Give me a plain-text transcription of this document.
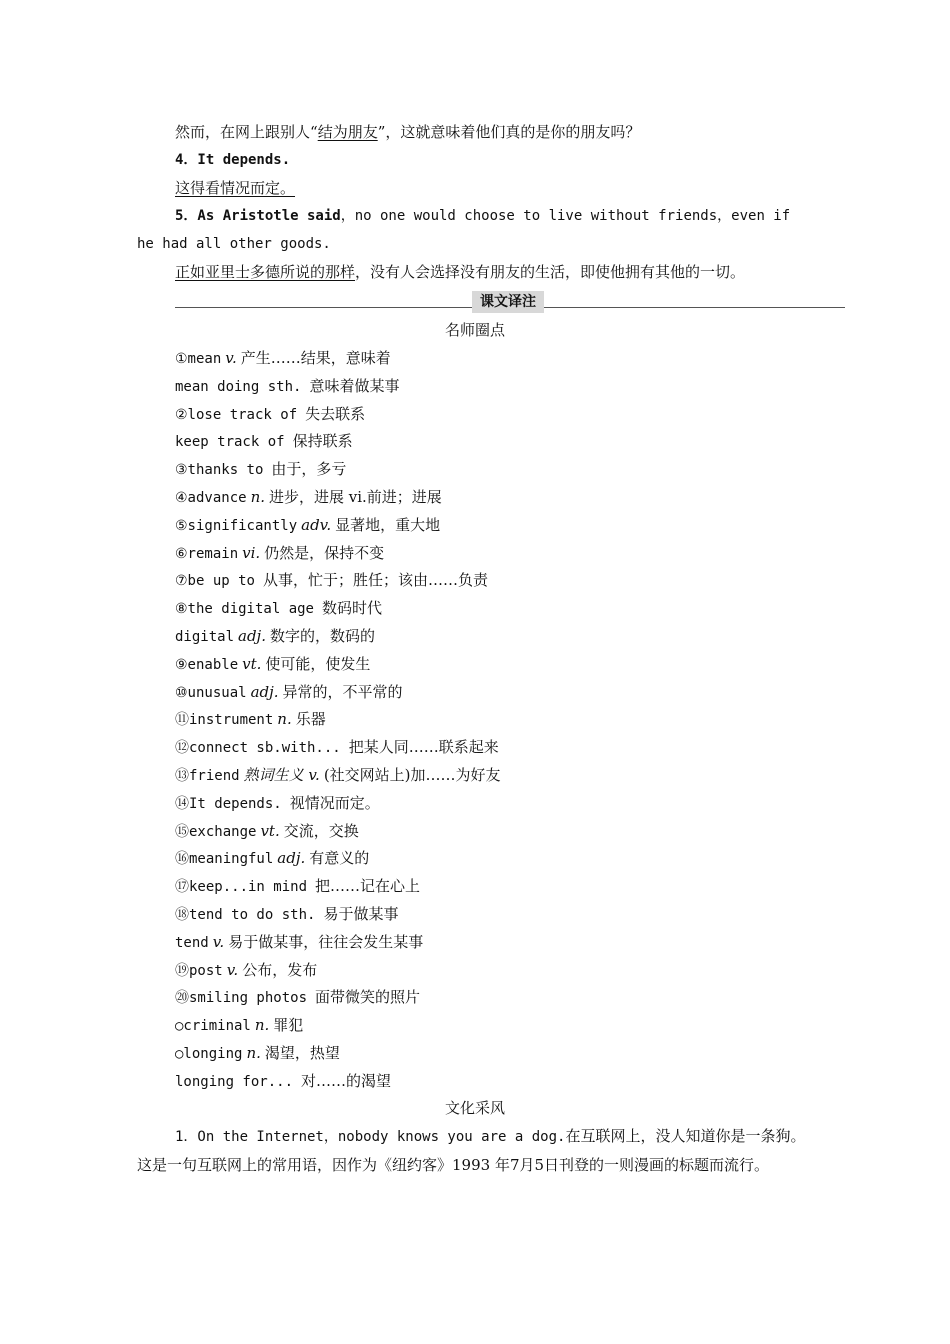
然而，在网上跟别人“结为朋友”，这就意味着他们真的是你的朋友吗？
4．It depends.
这得看情况而定。
5．As Aristotle said，no one would choose to live without friends，even if
he had all other goods.
正如亚里士多德所说的那样，没有人会选择没有朋友的生活，即使他拥有其他的一切。
课文译注
名师圈点
①mean v. 产生……结果，意味着
mean doing sth. 意味着做某事
②lose track of 失去联系
keep track of 保持联系
③thanks to 由于，多亏
④advance n. 进步，进展 vi.前进；进展
⑤significantly adv. 显著地，重大地
⑥remain vi. 仍然是，保持不变
⑦be up to 从事，忙于；胜任；该由……负责
⑧the digital age 数码时代
digital adj. 数字的，数码的
⑨enable vt. 使可能，使发生
⑩unusual adj. 异常的，不平常的
⑪instrument n. 乐器
⑫connect sb.with... 把某人同……联系起来
⑬friend 熟词生义 v. (社交网站上)加……为好友
⑭It depends. 视情况而定。
⑮exchange vt. 交流，交换
⑯meaningful adj. 有意义的
⑰keep...in mind 把……记在心上
⑱tend to do sth. 易于做某事
tend v. 易于做某事，往往会发生某事
⑲post v. 公布，发布
⑳smiling photos 面带微笑的照片
○criminal n. 罪犯
○longing n. 渴望，热望
longing for... 对……的渴望
文化采风
1．On the Internet，nobody knows you are a dog.在互联网上，没人知道你是一条狗。这是一句互联网上的常用语，因作为《纽约客》1993 年7月5日刊登的一则漫画的标题而流行。
